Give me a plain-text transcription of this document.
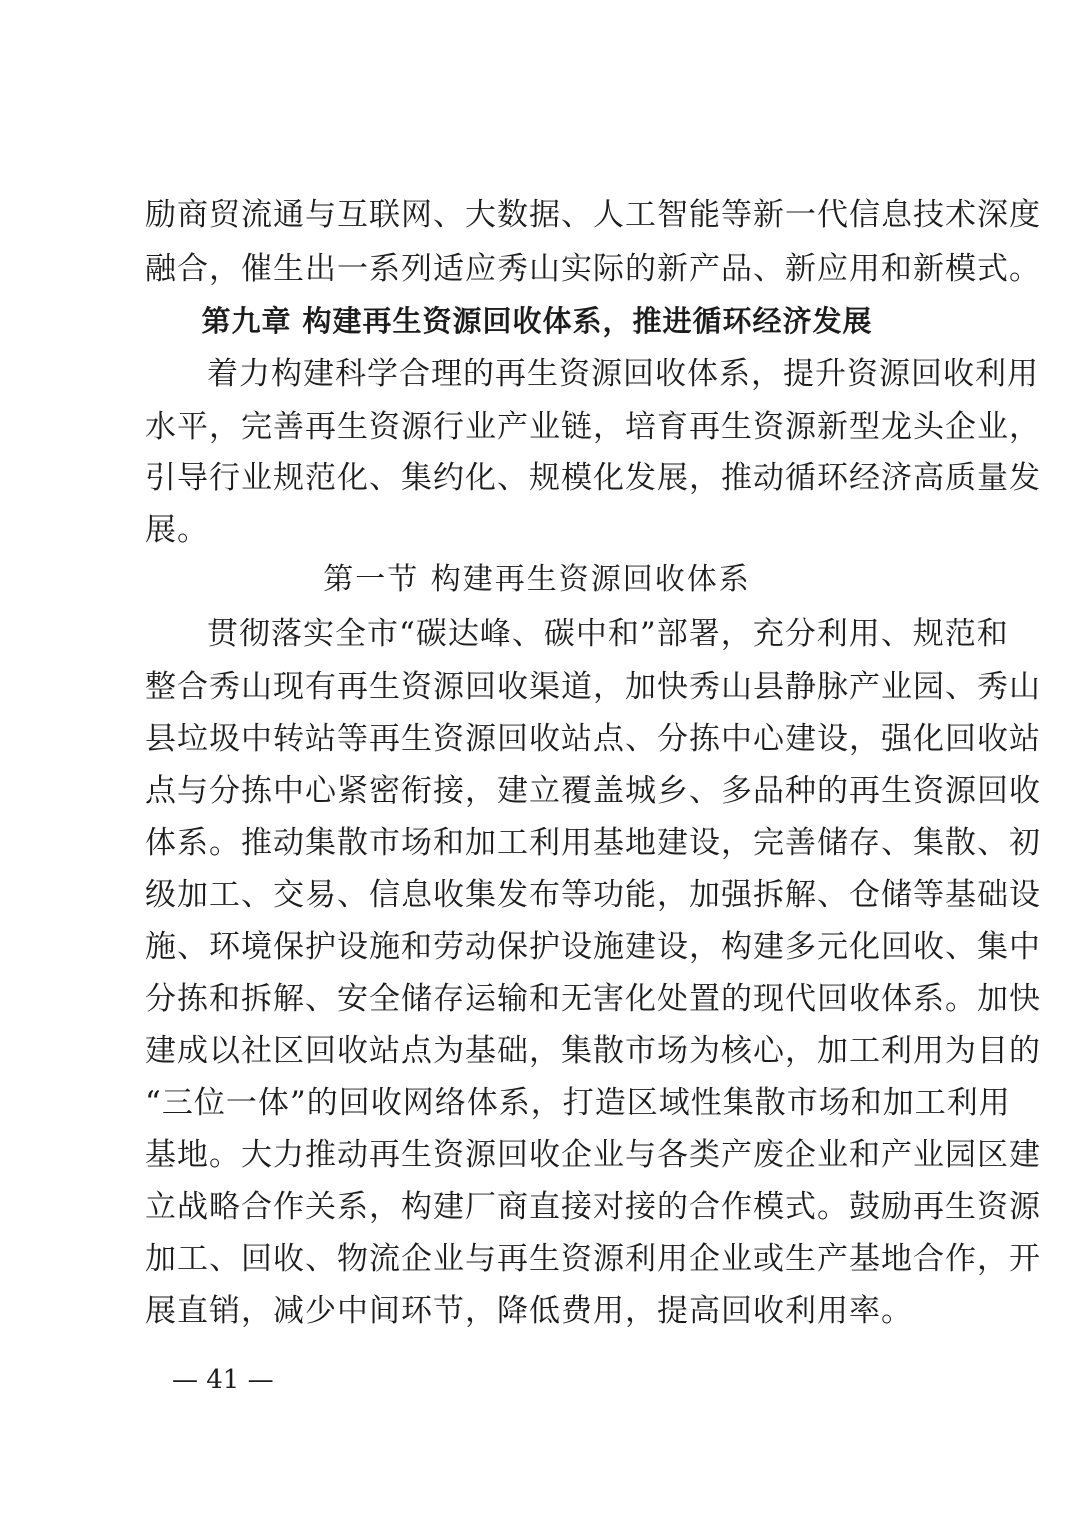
励商贸流通与互联网、大数据、人工智能等新一代信息技术深度
融合，催生出一系列适应秀山实际的新产品、新应用和新模式。
第九章 构建再生资源回收体系，推进循环经济发展
着力构建科学合理的再生资源回收体系，提升资源回收利用
水平，完善再生资源行业产业链，培育再生资源新型龙头企业，
引导行业规范化、集约化、规模化发展，推动循环经济高质量发
展。
第一节 构建再生资源回收体系
贯彻落实全市“碳达峰、碳中和”部署，充分利用、规范和
整合秀山现有再生资源回收渠道，加快秀山县静脉产业园、秀山
县垃圾中转站等再生资源回收站点、分拣中心建设，强化回收站
点与分拣中心紧密衔接，建立覆盖城乡、多品种的再生资源回收
体系。推动集散市场和加工利用基地建设，完善储存、集散、初
级加工、交易、信息收集发布等功能，加强拆解、仓储等基础设
施、环境保护设施和劳动保护设施建设，构建多元化回收、集中
分拣和拆解、安全储存运输和无害化处置的现代回收体系。加快
建成以社区回收站点为基础，集散市场为核心，加工利用为目的
“三位一体”的回收网络体系，打造区域性集散市场和加工利用
基地。大力推动再生资源回收企业与各类产废企业和产业园区建
立战略合作关系，构建厂商直接对接的合作模式。鼓励再生资源
加工、回收、物流企业与再生资源利用企业或生产基地合作，开
展直销，减少中间环节，降低费用，提高回收利用率。
— 41 —
